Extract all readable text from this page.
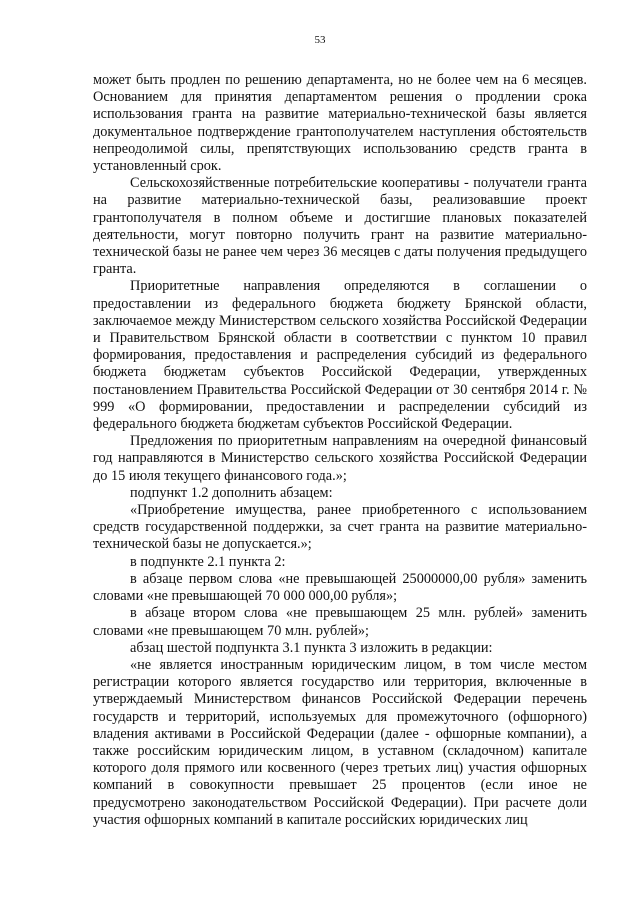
53

может быть продлен по решению департамента, но не более чем на 6 месяцев. Основанием для принятия департаментом решения о продлении срока использования гранта на развитие материально-технической базы является документальное подтверждение грантополучателем наступления обстоятельств непреодолимой силы, препятствующих использованию средств гранта в установленный срок.

Сельскохозяйственные потребительские кооперативы - получатели гранта на развитие материально-технической базы, реализовавшие проект грантополучателя в полном объеме и достигшие плановых показателей деятельности, могут повторно получить грант на развитие материально-технической базы не ранее чем через 36 месяцев с даты получения предыдущего гранта.

Приоритетные направления определяются в соглашении о предоставлении из федерального бюджета бюджету Брянской области, заключаемое между Министерством сельского хозяйства Российской Федерации и Правительством Брянской области в соответствии с пунктом 10 правил формирования, предоставления и распределения субсидий из федерального бюджета бюджетам субъектов Российской Федерации, утвержденных постановлением Правительства Российской Федерации от 30 сентября 2014 г. № 999 «О формировании, предоставлении и распределении субсидий из федерального бюджета бюджетам субъектов Российской Федерации.

Предложения по приоритетным направлениям на очередной финансовый год направляются в Министерство сельского хозяйства Российской Федерации до 15 июля текущего финансового года.»;

подпункт 1.2 дополнить абзацем:

«Приобретение имущества, ранее приобретенного с использованием средств государственной поддержки, за счет гранта на развитие материально-технической базы не допускается.»;

в подпункте 2.1 пункта 2:

в абзаце первом слова «не превышающей 25000000,00 рубля» заменить словами «не превышающей 70 000 000,00 рубля»;

в абзаце втором слова «не превышающем 25 млн. рублей» заменить словами «не превышающем 70 млн. рублей»;

абзац шестой подпункта 3.1 пункта 3 изложить в редакции:

«не является иностранным юридическим лицом, в том числе местом регистрации которого является государство или территория, включенные в утверждаемый Министерством финансов Российской Федерации перечень государств и территорий, используемых для промежуточного (офшорного) владения активами в Российской Федерации (далее - офшорные компании), а также российским юридическим лицом, в уставном (складочном) капитале которого доля прямого или косвенного (через третьих лиц) участия офшорных компаний в совокупности превышает 25 процентов (если иное не предусмотрено законодательством Российской Федерации). При расчете доли участия офшорных компаний в капитале российских юридических лиц
